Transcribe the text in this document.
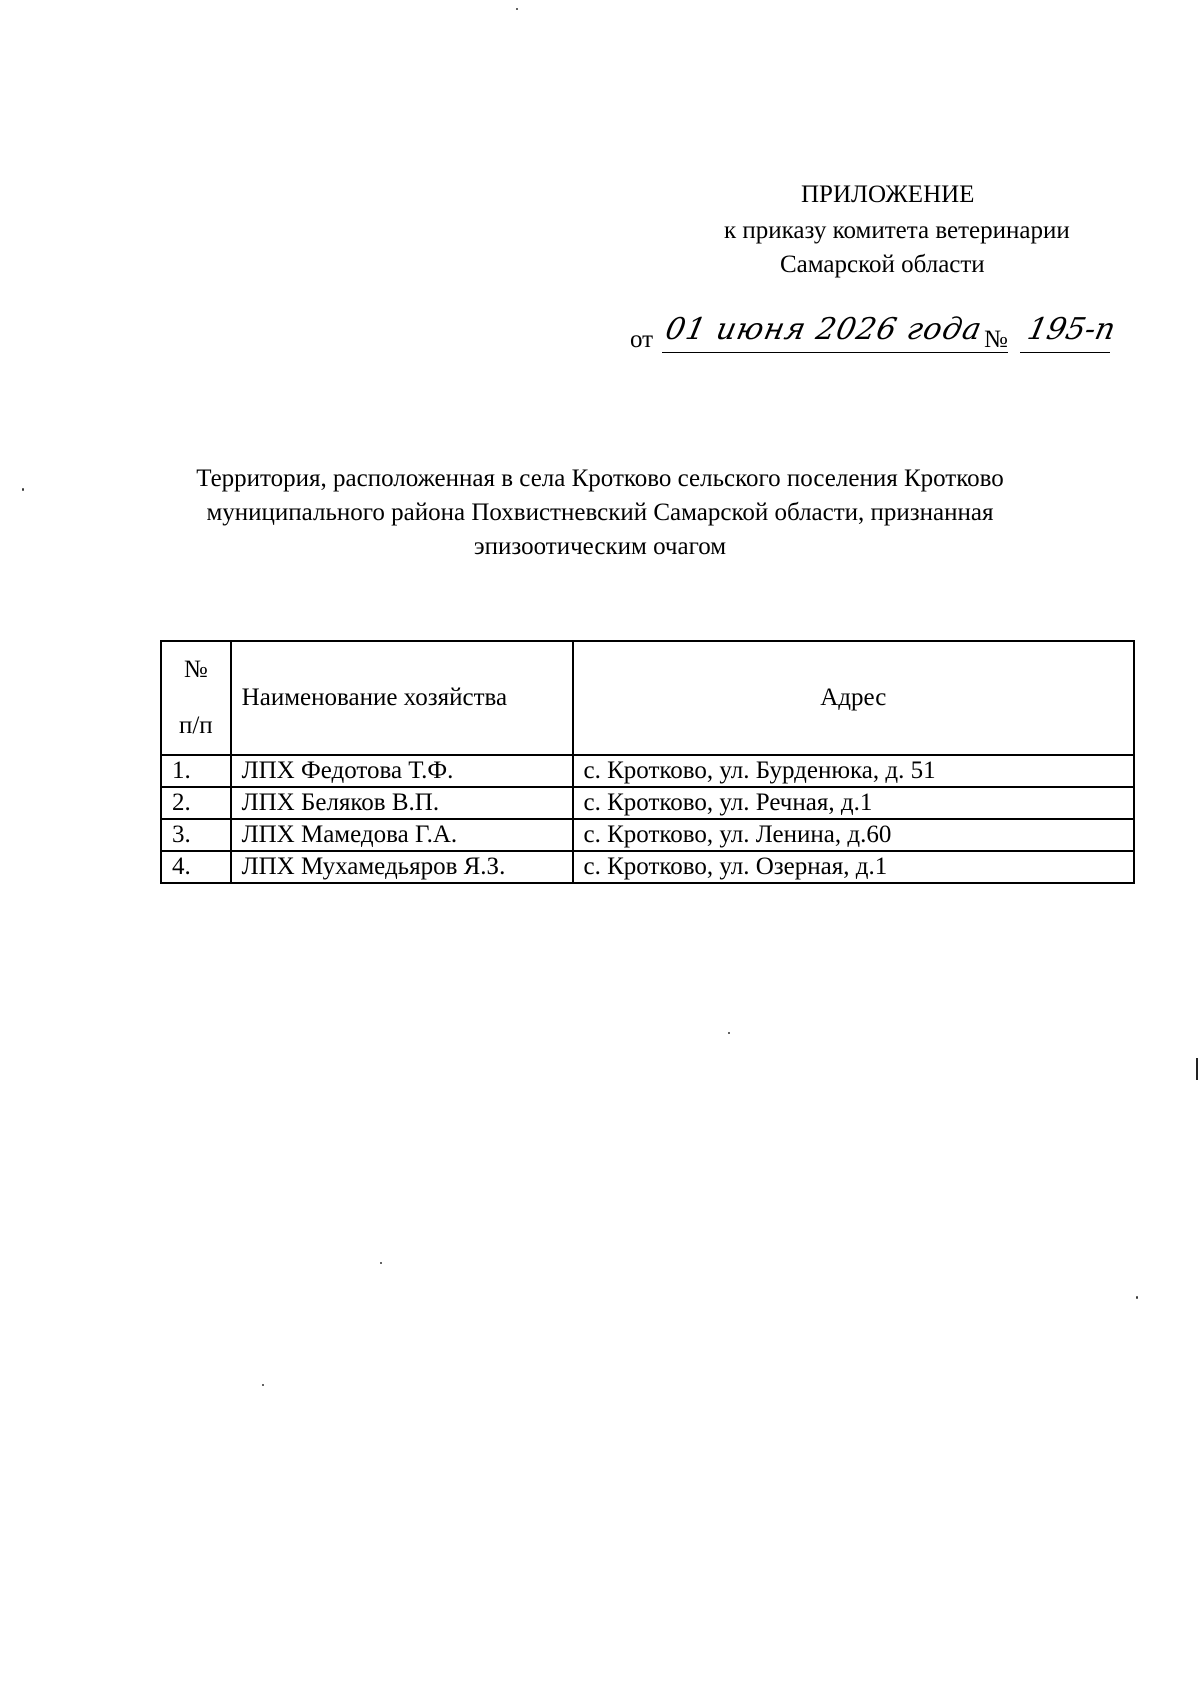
ПРИЛОЖЕНИЕ
к приказу комитета ветеринарии
Самарской области
от 01 июня 2026 года
№ 195-п
Территория, расположенная в села Кротково сельского поселения Кротково
муниципального района Похвистневский Самарской области, признанная
эпизоотическим очагом
№
п/п	Наименование хозяйства	Адрес
1.	ЛПХ Федотова Т.Ф.	с. Кротково, ул. Бурденюка, д. 51
2.	ЛПХ Беляков В.П.	с. Кротково, ул. Речная, д.1
3.	ЛПХ Мамедова Г.А.	с. Кротково, ул. Ленина, д.60
4.	ЛПХ Мухамедьяров Я.З.	с. Кротково, ул. Озерная, д.1
